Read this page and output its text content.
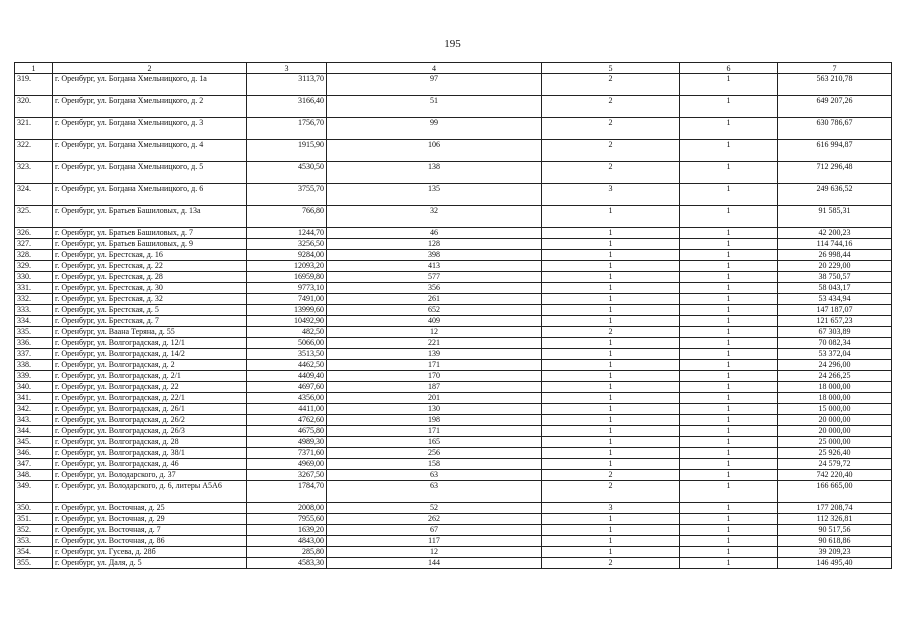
195
1	2	3	4	5	6	7
319.	г. Оренбург, ул. Богдана Хмельницкого, д. 1а	3113,70	97	2	1	563 210,78
320.	г. Оренбург, ул. Богдана Хмельницкого, д. 2	3166,40	51	2	1	649 207,26
321.	г. Оренбург, ул. Богдана Хмельницкого, д. 3	1756,70	99	2	1	630 786,67
322.	г. Оренбург, ул. Богдана Хмельницкого, д. 4	1915,90	106	2	1	616 994,87
323.	г. Оренбург, ул. Богдана Хмельницкого, д. 5	4530,50	138	2	1	712 296,48
324.	г. Оренбург, ул. Богдана Хмельницкого, д. 6	3755,70	135	3	1	249 636,52
325.	г. Оренбург, ул. Братьев Башиловых, д. 13а	766,80	32	1	1	91 585,31
326.	г. Оренбург, ул. Братьев Башиловых, д. 7	1244,70	46	1	1	42 200,23
327.	г. Оренбург, ул. Братьев Башиловых, д. 9	3256,50	128	1	1	114 744,16
328.	г. Оренбург, ул. Брестская, д. 16	9284,00	398	1	1	26 998,44
329.	г. Оренбург, ул. Брестская, д. 22	12093,20	413	1	1	20 229,00
330.	г. Оренбург, ул. Брестская, д. 28	16959,80	577	1	1	38 750,57
331.	г. Оренбург, ул. Брестская, д. 30	9773,10	356	1	1	58 043,17
332.	г. Оренбург, ул. Брестская, д. 32	7491,00	261	1	1	53 434,94
333.	г. Оренбург, ул. Брестская, д. 5	13999,60	652	1	1	147 187,07
334.	г. Оренбург, ул. Брестская, д. 7	10492,90	409	1	1	121 657,23
335.	г. Оренбург, ул. Ваана Теряна, д. 55	482,50	12	2	1	67 303,89
336.	г. Оренбург, ул. Волгоградская, д. 12/1	5066,00	221	1	1	70 082,34
337.	г. Оренбург, ул. Волгоградская, д. 14/2	3513,50	139	1	1	53 372,04
338.	г. Оренбург, ул. Волгоградская, д. 2	4462,50	171	1	1	24 296,00
339.	г. Оренбург, ул. Волгоградская, д. 2/1	4409,40	170	1	1	24 266,25
340.	г. Оренбург, ул. Волгоградская, д. 22	4697,60	187	1	1	18 000,00
341.	г. Оренбург, ул. Волгоградская, д. 22/1	4356,00	201	1	1	18 000,00
342.	г. Оренбург, ул. Волгоградская, д. 26/1	4411,00	130	1	1	15 000,00
343.	г. Оренбург, ул. Волгоградская, д. 26/2	4762,60	198	1	1	20 000,00
344.	г. Оренбург, ул. Волгоградская, д. 26/3	4675,80	171	1	1	20 000,00
345.	г. Оренбург, ул. Волгоградская, д. 28	4989,30	165	1	1	25 000,00
346.	г. Оренбург, ул. Волгоградская, д. 38/1	7371,60	256	1	1	25 926,40
347.	г. Оренбург, ул. Волгоградская, д. 46	4969,00	158	1	1	24 579,72
348.	г. Оренбург, ул. Володарского, д. 37	3267,50	63	2	1	742 220,40
349.	г. Оренбург, ул. Володарского, д. 6, литеры А5А6	1784,70	63	2	1	166 665,00
350.	г. Оренбург, ул. Восточная, д. 25	2008,00	52	3	1	177 208,74
351.	г. Оренбург, ул. Восточная, д. 29	7955,60	262	1	1	112 326,81
352.	г. Оренбург, ул. Восточная, д. 7	1639,20	67	1	1	90 517,56
353.	г. Оренбург, ул. Восточная, д. 86	4843,00	117	1	1	90 618,86
354.	г. Оренбург, ул. Гусева, д. 28б	285,80	12	1	1	39 209,23
355.	г. Оренбург, ул. Даля, д. 5	4583,30	144	2	1	146 495,40
